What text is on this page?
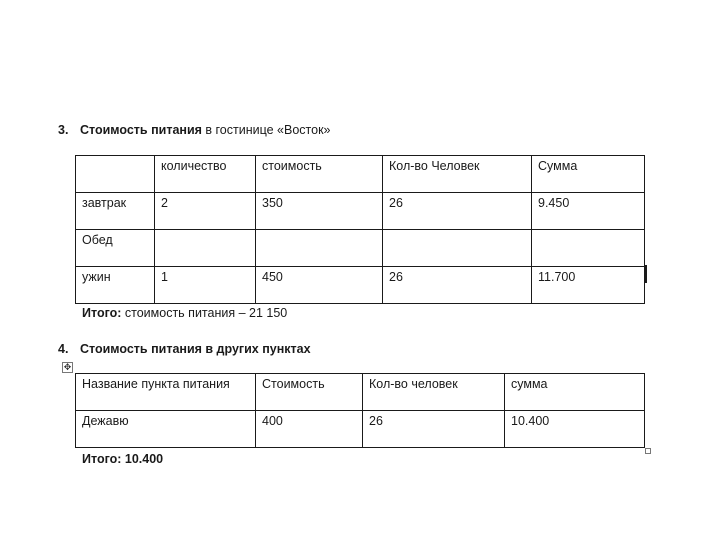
3. Стоимость питания в гостинице «Восток»
	количество	стоимость	Кол-во Человек	Сумма
завтрак	2	350	26	9.450
Обед				
ужин	1	450	26	11.700
Итого: стоимость питания – 21 150
4. Стоимость питания в других пунктах
✥
Название пункта питания	Стоимость	Кол-во человек	сумма
Дежавю	400	26	10.400
Итого: 10.400
